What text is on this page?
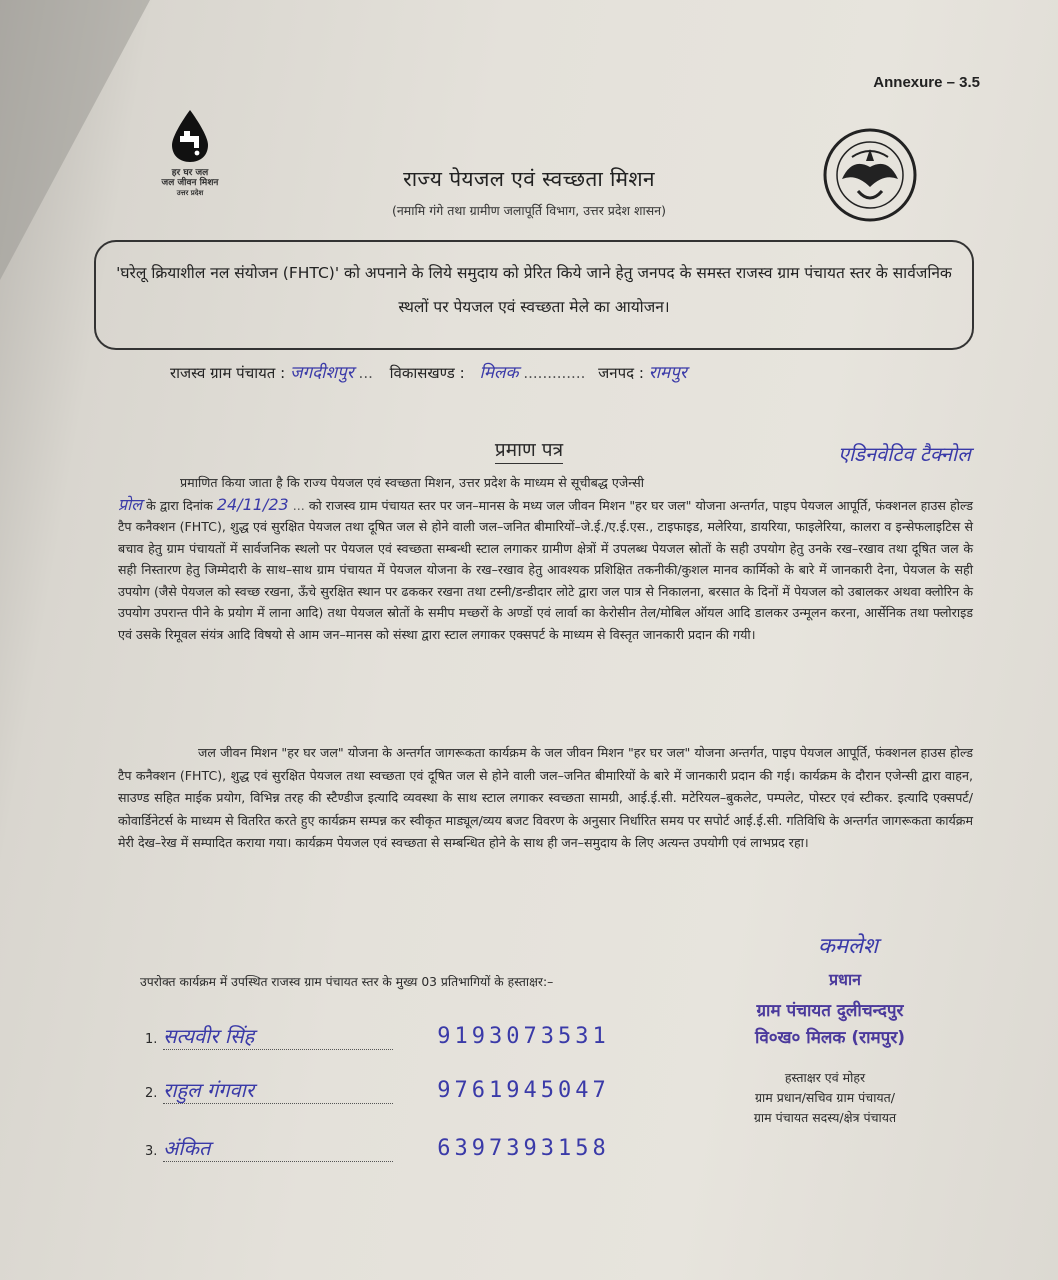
Annexure – 3.5
हर घर जल
जल जीवन मिशन
उत्तर प्रदेश
राज्य पेयजल एवं स्वच्छता मिशन
(नमामि गंगे तथा ग्रामीण जलापूर्ति विभाग, उत्तर प्रदेश शासन)
'घरेलू क्रियाशील नल संयोजन (FHTC)' को अपनाने के लिये समुदाय को प्रेरित किये जाने हेतु जनपद के समस्त राजस्व ग्राम पंचायत स्तर के सार्वजनिक स्थलों पर पेयजल एवं स्वच्छता मेले का आयोजन।
राजस्व ग्राम पंचायत : जगदीशपुर ... विकासखण्ड : मिलक ............. जनपद : रामपुर
प्रमाण पत्र	एडिनवेटिव टैक्नोल
प्रमाणित किया जाता है कि राज्य पेयजल एवं स्वच्छता मिशन, उत्तर प्रदेश के माध्यम से सूचीबद्ध एजेन्सी
प्रोल के द्वारा दिनांक 24/11/23 ... को राजस्व ग्राम पंचायत स्तर पर जन–मानस के मध्य जल जीवन मिशन "हर घर जल" योजना अन्तर्गत, पाइप पेयजल आपूर्ति, फंक्शनल हाउस होल्ड टैप कनैक्शन (FHTC), शुद्ध एवं सुरक्षित पेयजल तथा दूषित जल से होने वाली जल–जनित बीमारियों–जे.ई./ए.ई.एस., टाइफाइड, मलेरिया, डायरिया, फाइलेरिया, कालरा व इन्सेफलाइटिस से बचाव हेतु ग्राम पंचायतों में सार्वजनिक स्थलो पर पेयजल एवं स्वच्छता सम्बन्धी स्टाल लगाकर ग्रामीण क्षेत्रों में उपलब्ध पेयजल स्रोतों के सही उपयोग हेतु उनके रख–रखाव तथा दूषित जल के सही निस्तारण हेतु जिम्मेदारी के साथ–साथ ग्राम पंचायत में पेयजल योजना के रख–रखाव हेतु आवश्यक प्रशिक्षित तकनीकी/कुशल मानव कार्मिको के बारे में जानकारी देना, पेयजल के सही उपयोग (जैसे पेयजल को स्वच्छ रखना, ऊँचे सुरक्षित स्थान पर ढककर रखना तथा टस्नी/डन्डीदार लोटे द्वारा जल पात्र से निकालना, बरसात के दिनों में पेयजल को उबालकर अथवा क्लोरिन के उपयोग उपरान्त पीने के प्रयोग में लाना आदि) तथा पेयजल स्रोतों के समीप मच्छरों के अण्डों एवं लार्वा का केरोसीन तेल/मोबिल ऑयल आदि डालकर उन्मूलन करना, आर्सेनिक तथा फ्लोराइड एवं उसके रिमूवल संयंत्र आदि विषयो से आम जन–मानस को संस्था द्वारा स्टाल लगाकर एक्सपर्ट के माध्यम से विस्तृत जानकारी प्रदान की गयी।
जल जीवन मिशन "हर घर जल" योजना के अन्तर्गत जागरूकता कार्यक्रम के जल जीवन मिशन "हर घर जल" योजना अन्तर्गत, पाइप पेयजल आपूर्ति, फंक्शनल हाउस होल्ड टैप कनैक्शन (FHTC), शुद्ध एवं सुरक्षित पेयजल तथा स्वच्छता एवं दूषित जल से होने वाली जल–जनित बीमारियों के बारे में जानकारी प्रदान की गई। कार्यक्रम के दौरान एजेन्सी द्वारा वाहन, साउण्ड सहित माईक प्रयोग, विभिन्न तरह की स्टैण्डीज इत्यादि व्यवस्था के साथ स्टाल लगाकर स्वच्छता सामग्री, आई.ई.सी. मटेरियल–बुकलेट, पम्पलेट, पोस्टर एवं स्टीकर. इत्यादि एक्सपर्ट/कोवार्डिनेटर्स के माध्यम से वितरित करते हुए कार्यक्रम सम्पन्न कर स्वीकृत माड्यूल/व्यय बजट विवरण के अनुसार निर्धारित समय पर सपोर्ट आई.ई.सी. गतिविधि के अन्तर्गत जागरूकता कार्यक्रम मेरी देख–रेख में सम्पादित कराया गया। कार्यक्रम पेयजल एवं स्वच्छता से सम्बन्धित होने के साथ ही जन–समुदाय के लिए अत्यन्त उपयोगी एवं लाभप्रद रहा।
कमलेश
प्रधान
ग्राम पंचायत दुलीचन्दपुर
वि०ख० मिलक (रामपुर)
हस्ताक्षर एवं मोहर
ग्राम प्रधान/सचिव ग्राम पंचायत/
ग्राम पंचायत सदस्य/क्षेत्र पंचायत
उपरोक्त कार्यक्रम में उपस्थित राजस्व ग्राम पंचायत स्तर के मुख्य 03 प्रतिभागियों के हस्ताक्षर:–
1. सत्यवीर सिंह	9193073531
2. राहुल गंगवार	9761945047
3. अंकित	6397393158
